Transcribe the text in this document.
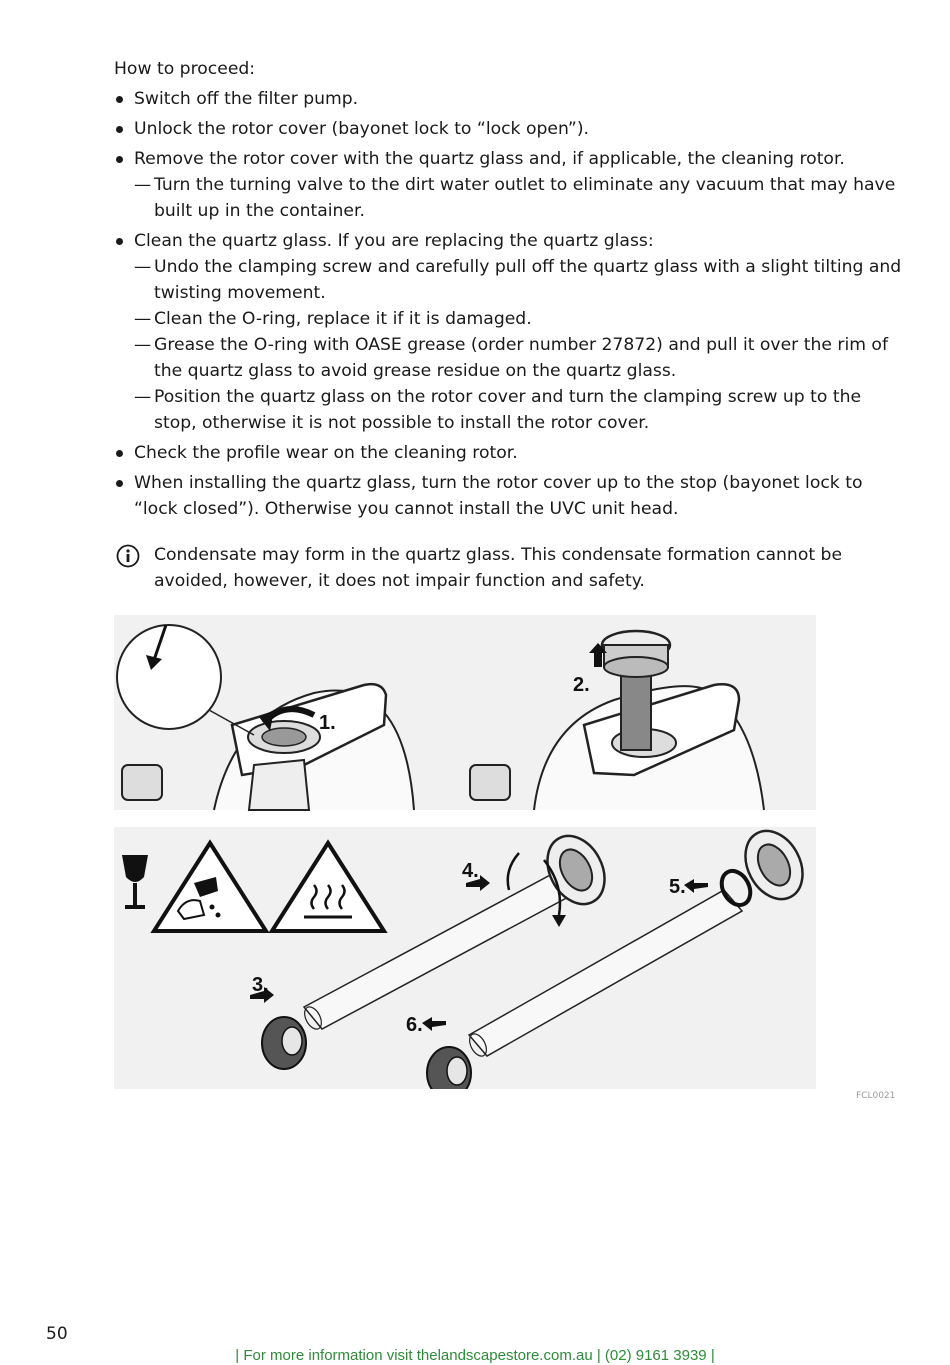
How to proceed:

Switch off the filter pump.
Unlock the rotor cover (bayonet lock to “lock open”).
Remove the rotor cover with the quartz glass and, if applicable, the cleaning rotor.
— Turn the turning valve to the dirt water outlet to eliminate any vacuum that may have built up in the container.
Clean the quartz glass. If you are replacing the quartz glass:
— Undo the clamping screw and carefully pull off the quartz glass with a slight tilting and twisting movement.
— Clean the O-ring, replace it if it is damaged.
— Grease the O-ring with OASE grease (order number 27872) and pull it over the rim of the quartz glass to avoid grease residue on the quartz glass.
— Position the quartz glass on the rotor cover and turn the clamping screw up to the stop, otherwise it is not possible to install the rotor cover.
Check the profile wear on the cleaning rotor.
When installing the quartz glass, turn the rotor cover up to the stop (bayonet lock to “lock closed”). Otherwise you cannot install the UVC unit head.
Condensate may form in the quartz glass. This condensate formation cannot be avoided, however, it does not impair function and safety.
1.
2.
3.
4.
5.
6.
FCL0021
50
| For more information visit thelandscapestore.com.au | (02) 9161 3939 |
